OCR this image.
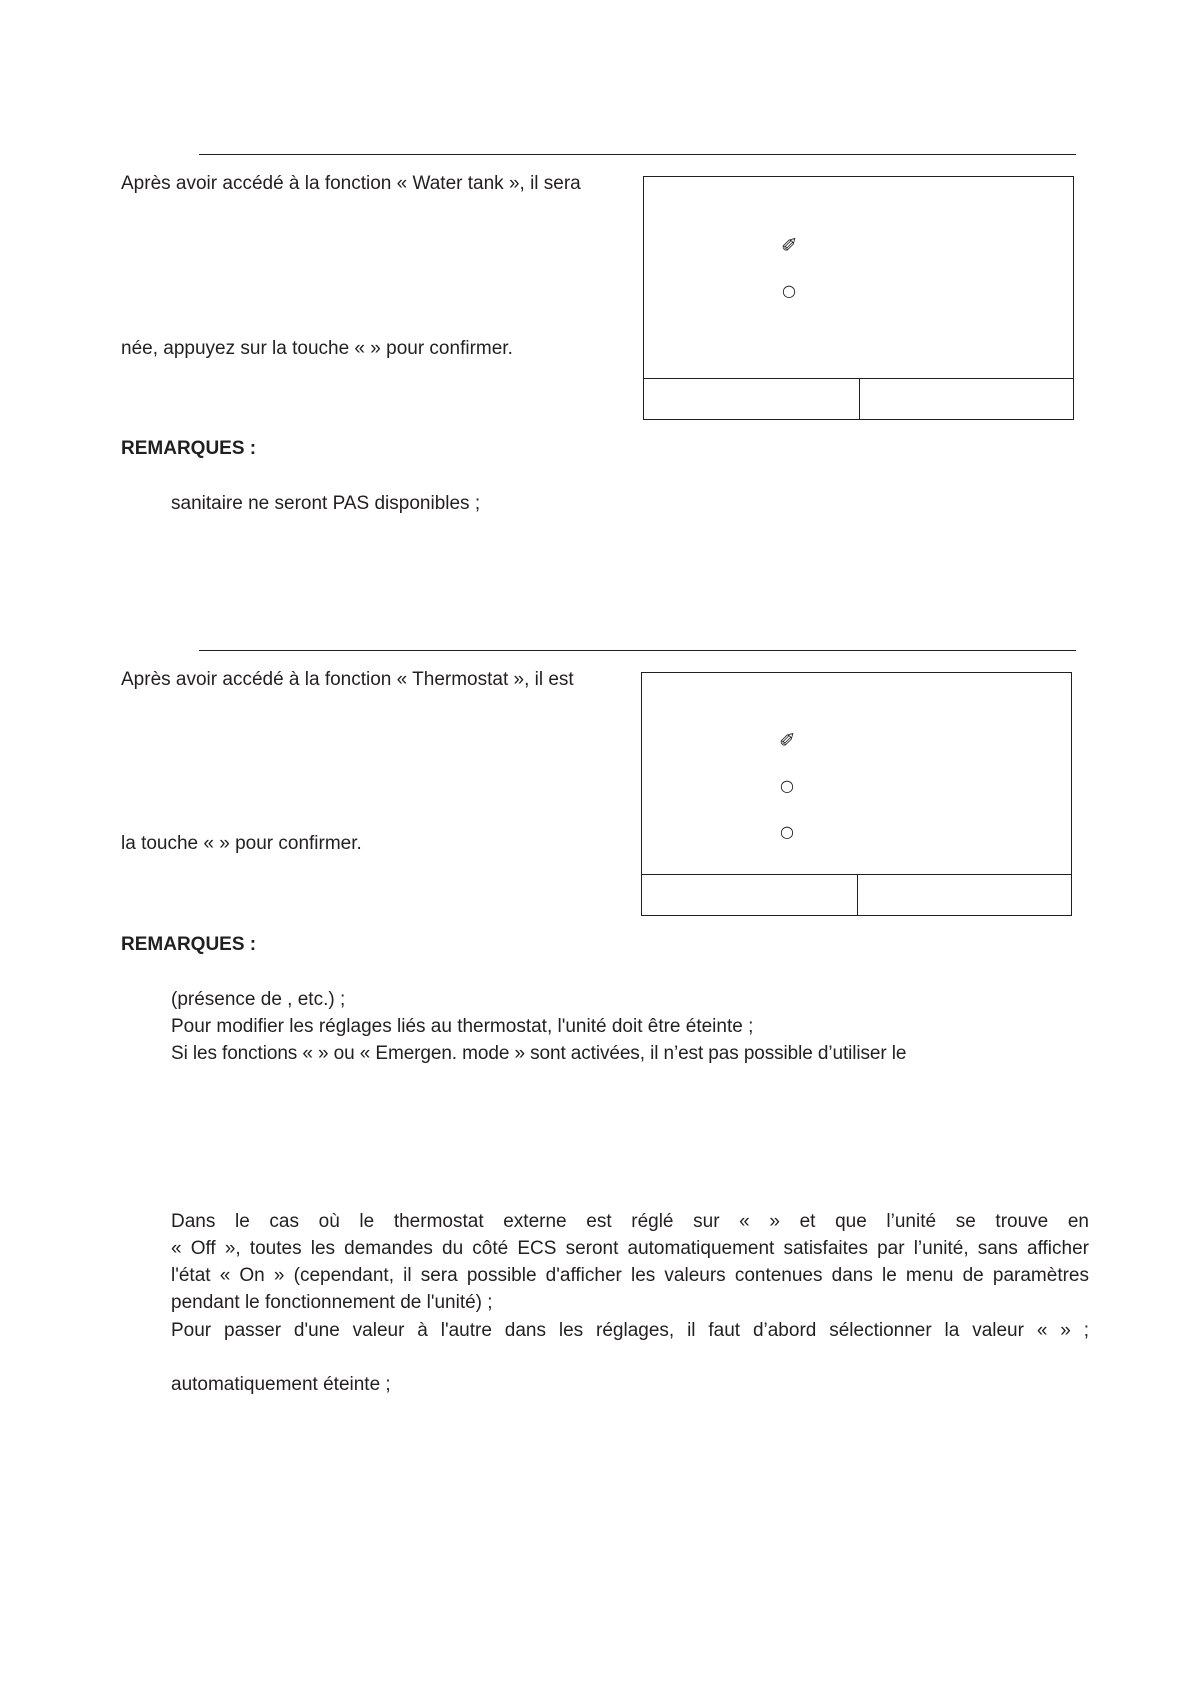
Après avoir accédé à la fonction « Water tank », il sera
née, appuyez sur la touche « » pour confirmer.
✐
○
REMARQUES :
sanitaire ne seront PAS disponibles ;
Après avoir accédé à la fonction « Thermostat », il est
la touche « » pour confirmer.
✐
○
○
REMARQUES :
(présence de , etc.) ;
Pour modifier les réglages liés au thermostat, l'unité doit être éteinte ;
Si les fonctions « » ou « Emergen. mode » sont activées, il n’est pas possible d’utiliser le
Dans le cas où le thermostat externe est réglé sur « » et que l’unité se trouve en
« Off », toutes les demandes du côté ECS seront automatiquement satisfaites par l’unité, sans afficher
l'état « On » (cependant, il sera possible d'afficher les valeurs contenues dans le menu de paramètres
pendant le fonctionnement de l'unité) ;
Pour passer d'une valeur à l'autre dans les réglages, il faut d’abord sélectionner la valeur « » ;
automatiquement éteinte ;
